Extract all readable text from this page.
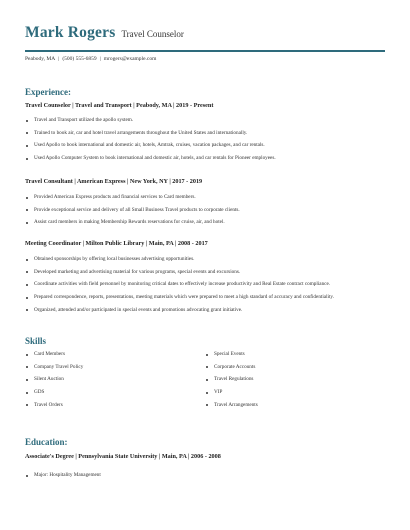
Mark Rogers Travel Counselor
Peabody, MA | (500) 555-6859 | mrogers@example.com
Experience:
Travel Counselor | Travel and Transport | Peabody, MA | 2019 - Present
Travel and Transport utilized the apollo system.
Trained to book air, car and hotel travel arrangements throughout the United States and internationally.
Used Apollo to book international and domestic air, hotels, Amtrak, cruises, vacation packages, and car rentals.
Used Apollo Computer System to book international and domestic air, hotels, and car rentals for Pioneer employees.
Travel Consultant | American Express | New York, NY | 2017 - 2019
Provided American Express products and financial services to Card members.
Provide exceptional service and delivery of all Small Business Travel products to corporate clients.
Assist card members in making Membership Rewards reservations for cruise, air, and hotel.
Meeting Coordinator | Milton Public Library | Main, PA | 2008 - 2017
Obtained sponsorships by offering local businesses advertising opportunities.
Developed marketing and advertising material for various programs, special events and excursions.
Coordinate activities with field personnel by monitoring critical dates to effectively increase productivity and Real Estate contract compliance.
Prepared correspondence, reports, presentations, meeting materials which were prepared to meet a high standard of accuracy and confidentiality.
Organized, attended and/or participated in special events and promotions advocating grant initiative.
Skills
Card Members
Company Travel Policy
Silent Auction
GDS
Travel Orders
Special Events
Corporate Accounts
Travel Regulations
VIP
Travel Arrangements
Education:
Associate's Degree | Pennsylvania State University | Main, PA | 2006 - 2008
Major: Hospitality Management
